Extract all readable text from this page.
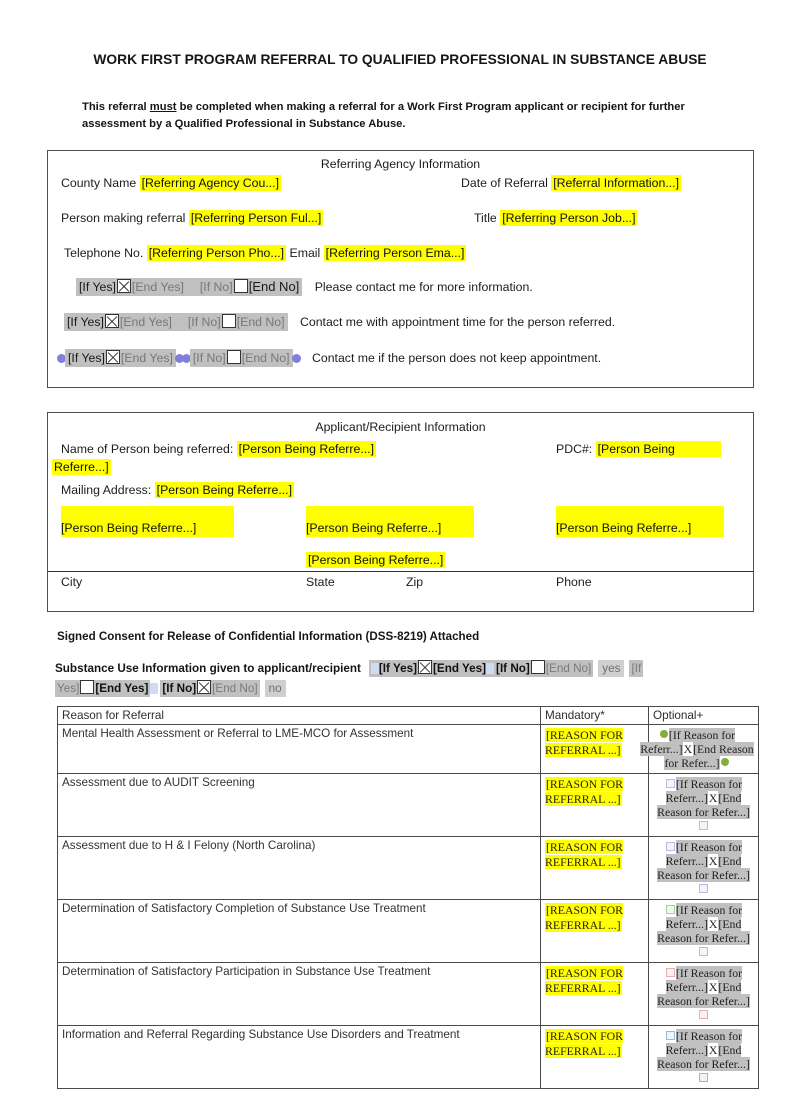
WORK FIRST PROGRAM REFERRAL TO QUALIFIED PROFESSIONAL IN SUBSTANCE ABUSE
This referral must be completed when making a referral for a Work First Program applicant or recipient for further assessment by a Qualified Professional in Substance Abuse.
Referring Agency Information
County Name [Referring Agency Cou...]	Date of Referral [Referral Information...]
Person making referral [Referring Person Ful...]	Title [Referring Person Job...]
Telephone No. [Referring Person Pho...] Email [Referring Person Ema...]
[If Yes] [End Yes] [If No] [End No] Please contact me for more information.
[If Yes] [End Yes] [If No] [End No] Contact me with appointment time for the person referred.
[If Yes] [End Yes] [If No] [End No] Contact me if the person does not keep appointment.
Applicant/Recipient Information
Name of Person being referred: [Person Being Referre...]	PDC#: [Person Being
Referre...]
Mailing Address: [Person Being Referre...]
[Person Being Referre...]	[Person Being Referre...]	[Person Being Referre...]
[Person Being Referre...]
City	State	Zip	Phone
Signed Consent for Release of Confidential Information (DSS-8219) Attached
Substance Use Information given to applicant/recipient [If Yes] [End Yes] [If No] [End No] yes [If
Yes] [End Yes] [If No] [End No] no
Reason for Referral	Mandatory*	Optional+
Mental Health Assessment or Referral to LME-MCO for Assessment	[REASON FOR REFERRAL ...]	[If Reason for Referr...]X[End Reason for Refer...]
Assessment due to AUDIT Screening	[REASON FOR REFERRAL ...]	[If Reason for Referr...]X[End Reason for Refer...]
Assessment due to H & I Felony (North Carolina)	[REASON FOR REFERRAL ...]	[If Reason for Referr...]X[End Reason for Refer...]
Determination of Satisfactory Completion of Substance Use Treatment	[REASON FOR REFERRAL ...]	[If Reason for Referr...]X[End Reason for Refer...]
Determination of Satisfactory Participation in Substance Use Treatment	[REASON FOR REFERRAL ...]	[If Reason for Referr...]X[End Reason for Refer...]
Information and Referral Regarding Substance Use Disorders and Treatment	[REASON FOR REFERRAL ...]	[If Reason for Referr...]X[End Reason for Refer...]
